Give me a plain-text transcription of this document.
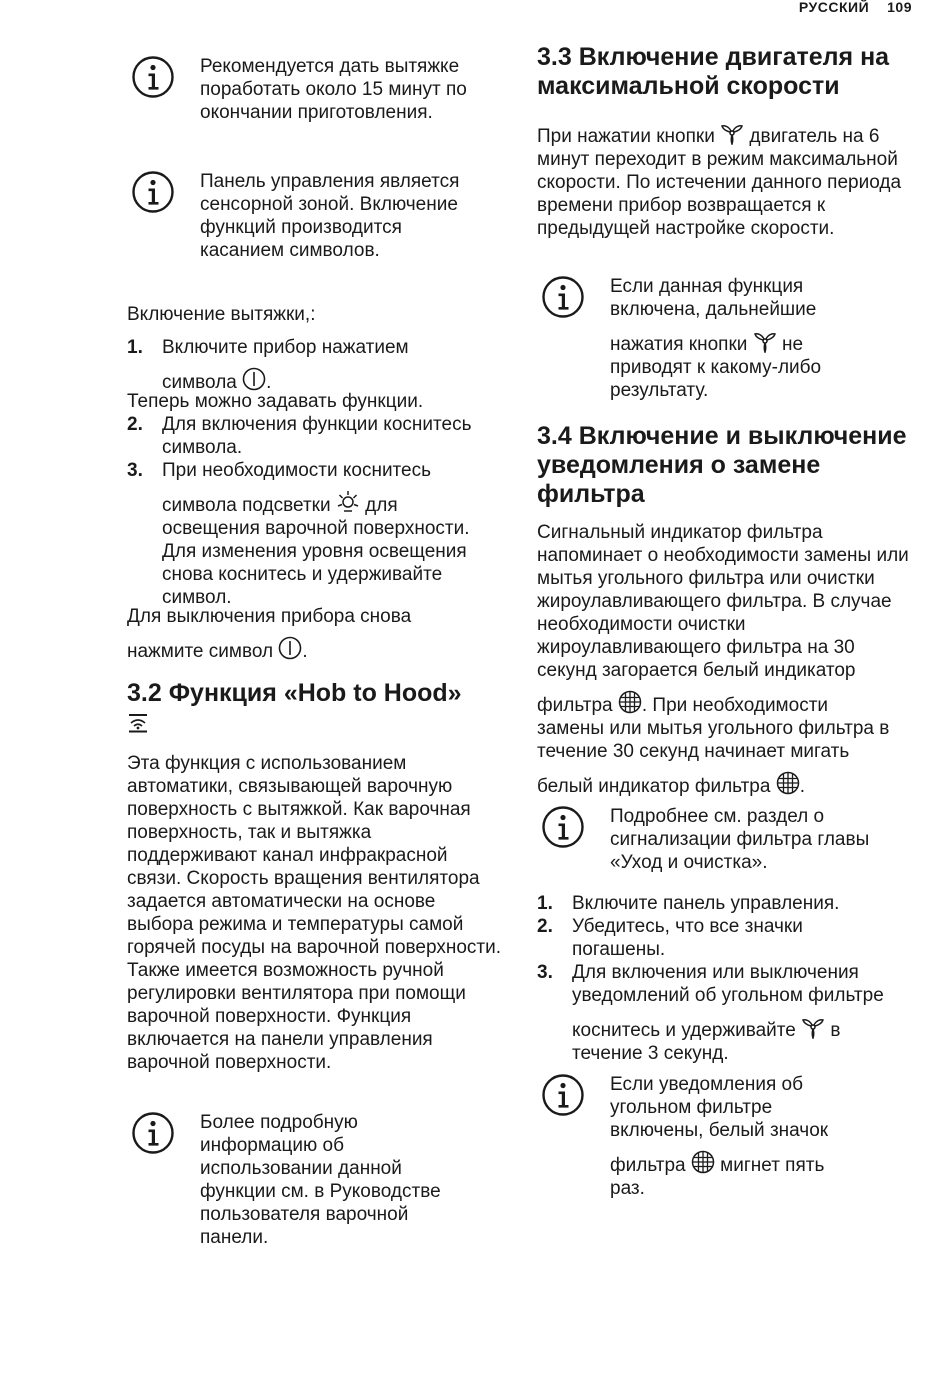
РУССКИЙ 109
Рекомендуется дать вытяжке поработать около 15 минут по окончании приготовления.
Панель управления является сенсорной зоной. Включение функций производится касанием символов.
Включение вытяжки,:
1. Включите прибор нажатием
символа .
Теперь можно задавать функции.
2. Для включения функции коснитесь символа.
3. При необходимости коснитесь
символа подсветки для
освещения варочной поверхности. Для изменения уровня освещения снова коснитесь и удерживайте символ.
Для выключения прибора снова
нажмите символ .
3.2 Функция «Hob to Hood»
Эта функция с использованием автоматики, связывающей варочную поверхность с вытяжкой. Как варочная поверхность, так и вытяжка поддерживают канал инфракрасной связи. Скорость вращения вентилятора задается автоматически на основе выбора режима и температуры самой горячей посуды на варочной поверхности. Также имеется возможность ручной регулировки вентилятора при помощи варочной поверхности. Функция включается на панели управления варочной поверхности.
Более подробную информацию об использовании данной функции см. в Руководстве пользователя варочной панели.
3.3 Включение двигателя на максимальной скорости
При нажатии кнопки двигатель на 6
минут переходит в режим максимальной скорости. По истечении данного периода времени прибор возвращается к предыдущей настройке скорости.
Если данная функция включена, дальнейшие
нажатия кнопки не
приводят к какому-либо результату.
3.4 Включение и выключение уведомления о замене фильтра
Сигнальный индикатор фильтра напоминает о необходимости замены или мытья угольного фильтра или очистки жироулавливающего фильтра. В случае необходимости очистки жироулавливающего фильтра на 30 секунд загорается белый индикатор
фильтра . При необходимости
замены или мытья угольного фильтра в течение 30 секунд начинает мигать
белый индикатор фильтра .
Подробнее см. раздел о сигнализации фильтра главы «Уход и очистка».
1. Включите панель управления.
2. Убедитесь, что все значки погашены.
3. Для включения или выключения уведомлений об угольном фильтре
коснитесь и удерживайте в
течение 3 секунд.
Если уведомления об угольном фильтре включены, белый значок
фильтра мигнет пять
раз.
